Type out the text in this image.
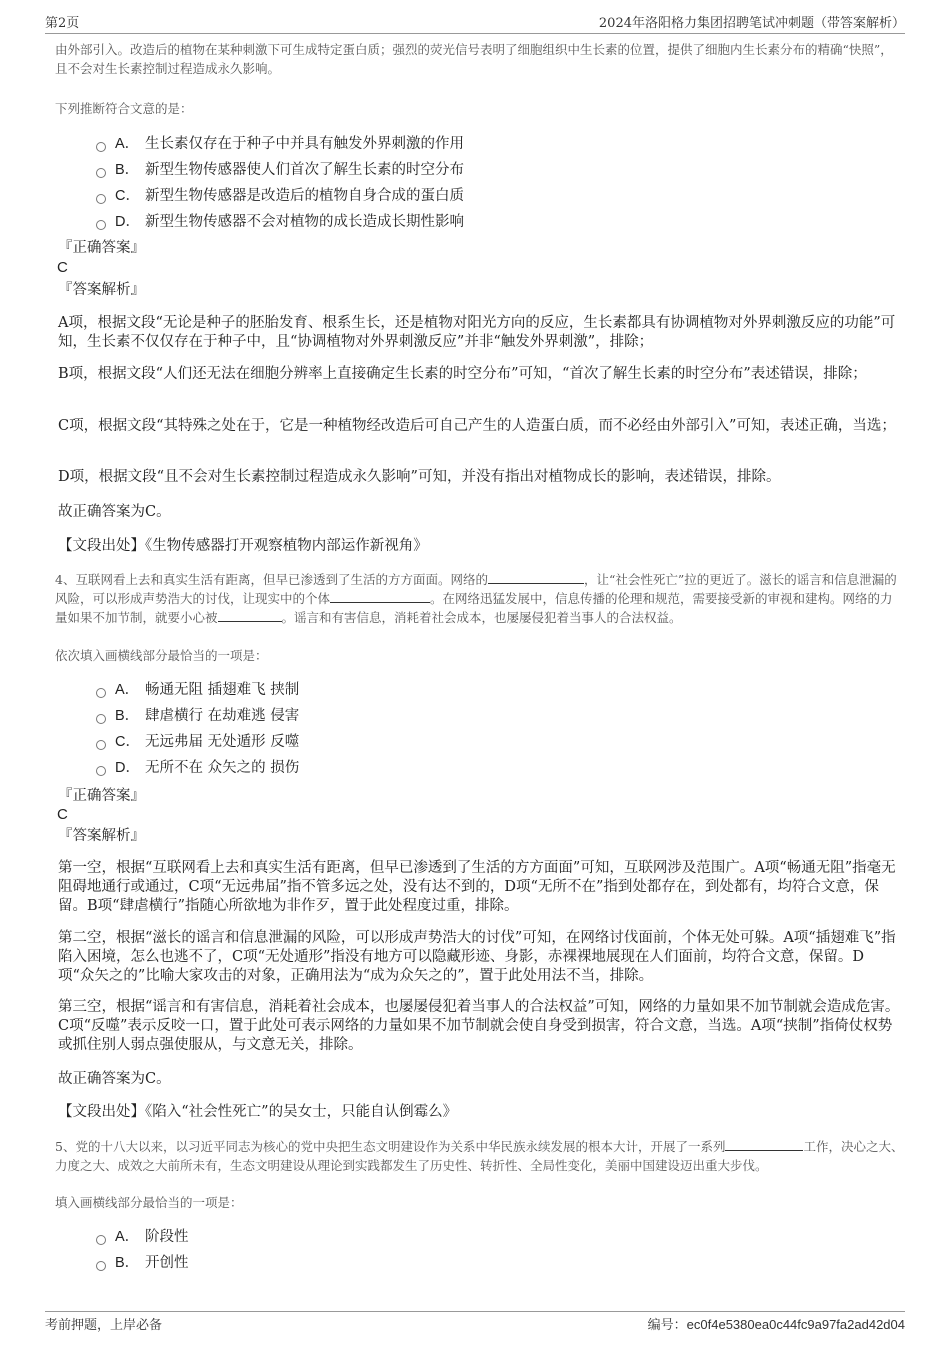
第2页	2024年洛阳格力集团招聘笔试冲刺题（带答案解析）
由外部引入。改造后的植物在某种刺激下可生成特定蛋白质；强烈的荧光信号表明了细胞组织中生长素的位置，提供了细胞内生长素分布的精确“快照”，且不会对生长素控制过程造成永久影响。
下列推断符合文意的是：
A． 生长素仅存在于种子中并具有触发外界刺激的作用
B． 新型生物传感器使人们首次了解生长素的时空分布
C． 新型生物传感器是改造后的植物自身合成的蛋白质
D． 新型生物传感器不会对植物的成长造成长期性影响
『正确答案』
C
『答案解析』
A项，根据文段“无论是种子的胚胎发育、根系生长，还是植物对阳光方向的反应，生长素都具有协调植物对外界刺激反应的功能”可知，生长素不仅仅存在于种子中，且“协调植物对外界刺激反应”并非“触发外界刺激”，排除；
B项，根据文段“人们还无法在细胞分辨率上直接确定生长素的时空分布”可知，“首次了解生长素的时空分布”表述错误，排除；
C项，根据文段“其特殊之处在于，它是一种植物经改造后可自己产生的人造蛋白质，而不必经由外部引入”可知，表述正确，当选；
D项，根据文段“且不会对生长素控制过程造成永久影响”可知，并没有指出对植物成长的影响，表述错误，排除。
故正确答案为C。
【文段出处】《生物传感器打开观察植物内部运作新视角》
4、互联网看上去和真实生活有距离，但早已渗透到了生活的方方面面。网络的	，让“社会性死亡”拉的更近了。滋长的谣言和信息泄漏的风险，可以形成声势浩大的讨伐，让现实中的个体	。在网络迅猛发展中，信息传播的伦理和规范，需要接受新的审视和建构。网络的力量如果不加节制，就要小心被	。谣言和有害信息，消耗着社会成本，也屡屡侵犯着当事人的合法权益。
依次填入画横线部分最恰当的一项是：
A． 畅通无阻 插翅难飞 挟制
B． 肆虐横行 在劫难逃 侵害
C． 无远弗届 无处遁形 反噬
D． 无所不在 众矢之的 损伤
『正确答案』
C
『答案解析』
第一空，根据“互联网看上去和真实生活有距离，但早已渗透到了生活的方方面面”可知，互联网涉及范围广。A项“畅通无阻”指毫无阻碍地通行或通过，C项“无远弗届”指不管多远之处，没有达不到的，D项“无所不在”指到处都存在，到处都有，均符合文意，保留。B项“肆虐横行”指随心所欲地为非作歹，置于此处程度过重，排除。
第二空，根据“滋长的谣言和信息泄漏的风险，可以形成声势浩大的讨伐”可知，在网络讨伐面前，个体无处可躲。A项“插翅难飞”指陷入困境，怎么也逃不了，C项“无处遁形”指没有地方可以隐藏形迹、身影，赤裸裸地展现在人们面前，均符合文意，保留。D项“众矢之的”比喻大家攻击的对象，正确用法为“成为众矢之的”，置于此处用法不当，排除。
第三空，根据“谣言和有害信息，消耗着社会成本，也屡屡侵犯着当事人的合法权益”可知，网络的力量如果不加节制就会造成危害。C项“反噬”表示反咬一口，置于此处可表示网络的力量如果不加节制就会使自身受到损害，符合文意，当选。A项“挟制”指倚仗权势或抓住别人弱点强使服从，与文意无关，排除。
故正确答案为C。
【文段出处】《陷入“社会性死亡”的吴女士，只能自认倒霉么》
5、党的十八大以来，以习近平同志为核心的党中央把生态文明建设作为关系中华民族永续发展的根本大计，开展了一系列	工作，决心之大、力度之大、成效之大前所未有，生态文明建设从理论到实践都发生了历史性、转折性、全局性变化，美丽中国建设迈出重大步伐。
填入画横线部分最恰当的一项是：
A． 阶段性
B． 开创性
考前押题，上岸必备	编号：ec0f4e5380ea0c44fc9a97fa2ad42d04
